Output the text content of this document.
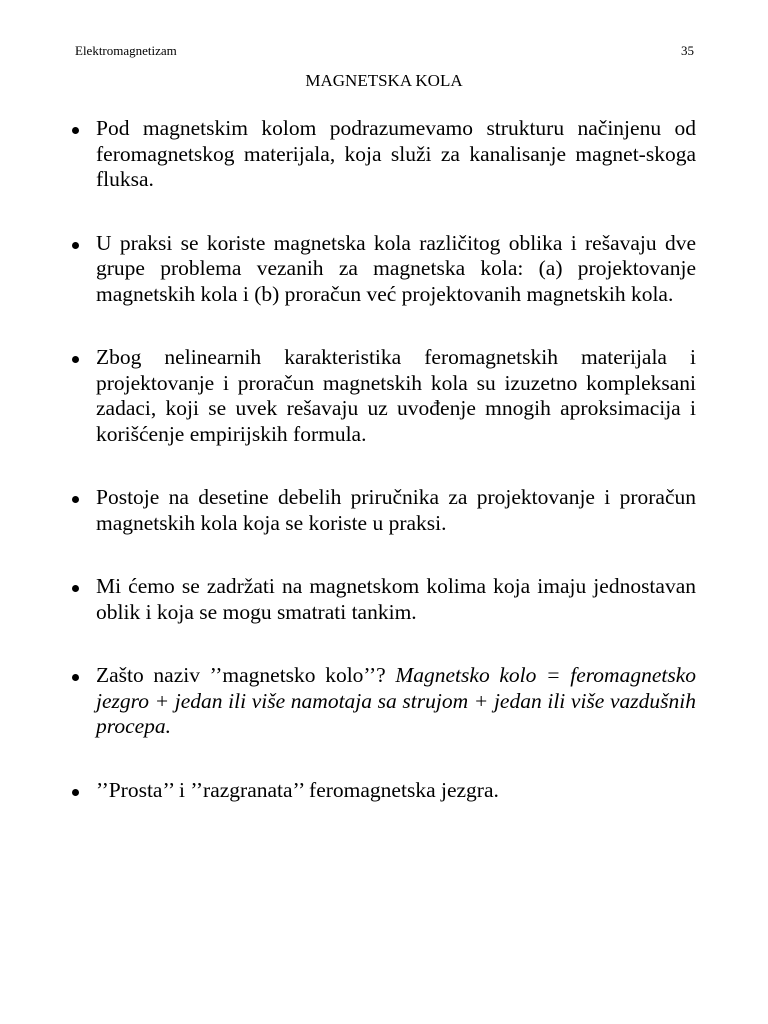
Elektromagnetizam	35
MAGNETSKA KOLA
Pod magnetskim kolom podrazumevamo strukturu načinjenu od feromagnetskog materijala, koja služi za kanalisanje magnet-skoga fluksa.
U praksi se koriste magnetska kola različitog oblika i rešavaju dve grupe problema vezanih za magnetska kola: (a) projektovanje magnetskih kola i (b) proračun već projektovanih magnetskih kola.
Zbog nelinearnih karakteristika feromagnetskih materijala i projektovanje i proračun magnetskih kola su izuzetno kompleksani zadaci, koji se uvek rešavaju uz uvođenje mnogih aproksimacija i korišćenje empirijskih formula.
Postoje na desetine debelih priručnika za projektovanje i proračun magnetskih kola koja se koriste u praksi.
Mi ćemo se zadržati na magnetskom kolima koja imaju jednostavan oblik i koja se mogu smatrati tankim.
Zašto naziv ’’magnetsko kolo’’? Magnetsko kolo = feromagnetsko jezgro + jedan ili više namotaja sa strujom + jedan ili više vazdušnih procepa.
’’Prosta’’ i ’’razgranata’’ feromagnetska jezgra.
